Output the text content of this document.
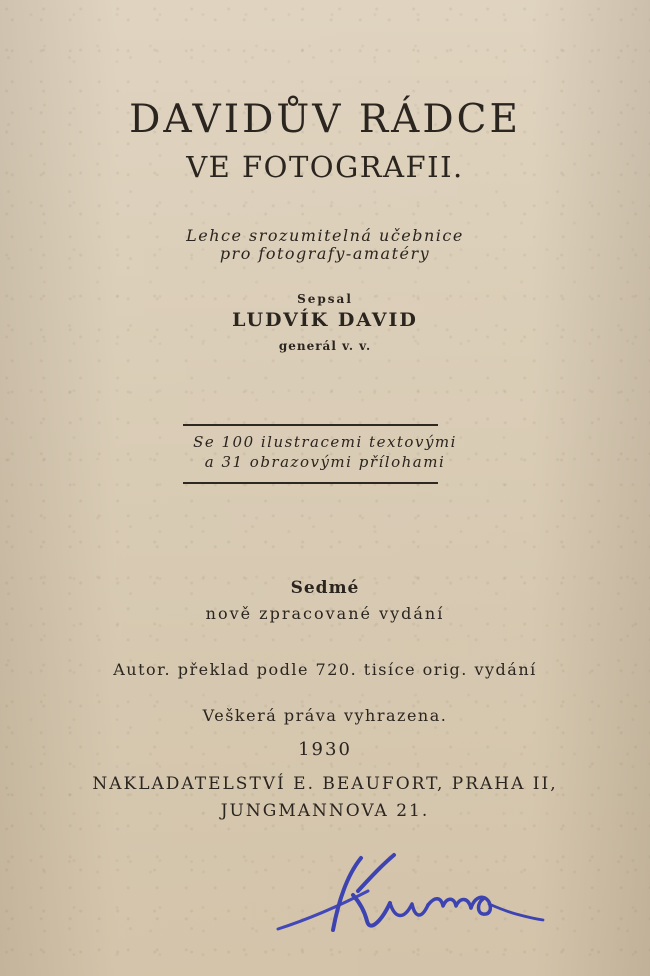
DAVIDŮV RÁDCE
VE FOTOGRAFII.
Lehce srozumitelná učebnice
pro fotografy-amatéry
Sepsal
LUDVÍK DAVID
generál v. v.
Se 100 ilustracemi textovými
a 31 obrazovými přílohami
Sedmé
nově zpracované vydání
Autor. překlad podle 720. tisíce orig. vydání
Veškerá práva vyhrazena.
1930
NAKLADATELSTVÍ E. BEAUFORT, PRAHA II,
JUNGMANNOVA 21.
